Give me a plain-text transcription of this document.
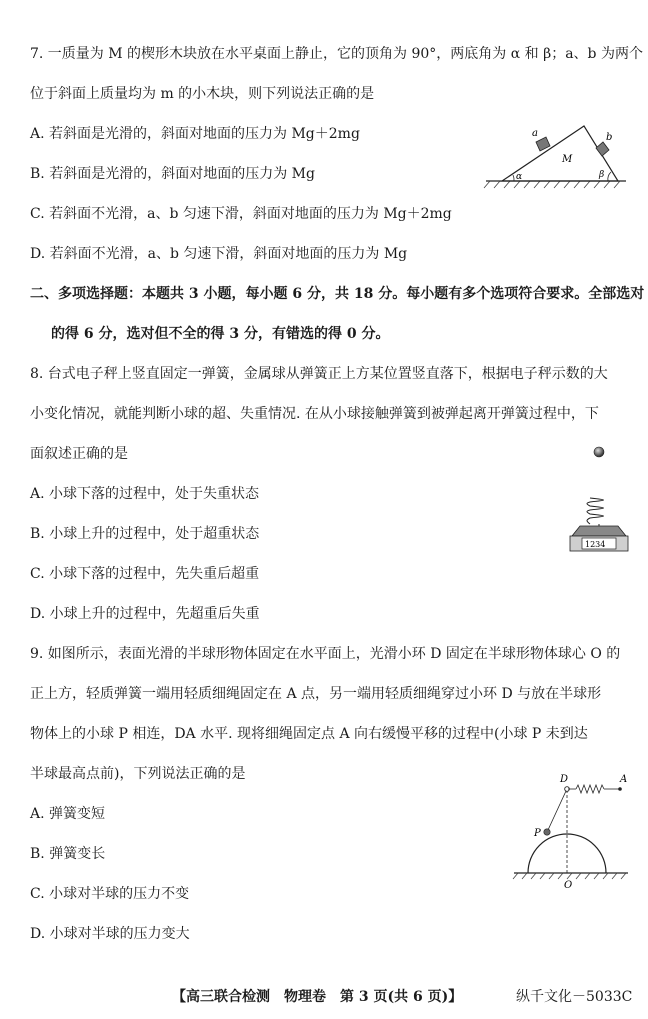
7. 一质量为 M 的楔形木块放在水平桌面上静止，它的顶角为 90°，两底角为 α 和 β；a、b 为两个
位于斜面上质量均为 m 的小木块，则下列说法正确的是
A. 若斜面是光滑的，斜面对地面的压力为 Mg＋2mg
B. 若斜面是光滑的，斜面对地面的压力为 Mg
C. 若斜面不光滑，a、b 匀速下滑，斜面对地面的压力为 Mg＋2mg
D. 若斜面不光滑，a、b 匀速下滑，斜面对地面的压力为 Mg
a	b
M
α	β
二、多项选择题：本题共 3 小题，每小题 6 分，共 18 分。每小题有多个选项符合要求。全部选对
的得 6 分，选对但不全的得 3 分，有错选的得 0 分。
8. 台式电子秤上竖直固定一弹簧，金属球从弹簧正上方某位置竖直落下，根据电子秤示数的大
小变化情况，就能判断小球的超、失重情况. 在从小球接触弹簧到被弹起离开弹簧过程中，下
面叙述正确的是
A. 小球下落的过程中，处于失重状态
B. 小球上升的过程中，处于超重状态
C. 小球下落的过程中，先失重后超重
D. 小球上升的过程中，先超重后失重
1234
9. 如图所示，表面光滑的半球形物体固定在水平面上，光滑小环 D 固定在半球形物体球心 O 的
正上方，轻质弹簧一端用轻质细绳固定在 A 点，另一端用轻质细绳穿过小环 D 与放在半球形
物体上的小球 P 相连，DA 水平. 现将细绳固定点 A 向右缓慢平移的过程中(小球 P 未到达
半球最高点前)，下列说法正确的是
A. 弹簧变短
B. 弹簧变长
C. 小球对半球的压力不变
D. 小球对半球的压力变大
D	A
P
O
【高三联合检测　物理卷　第 3 页(共 6 页)】	纵千文化－5033C
